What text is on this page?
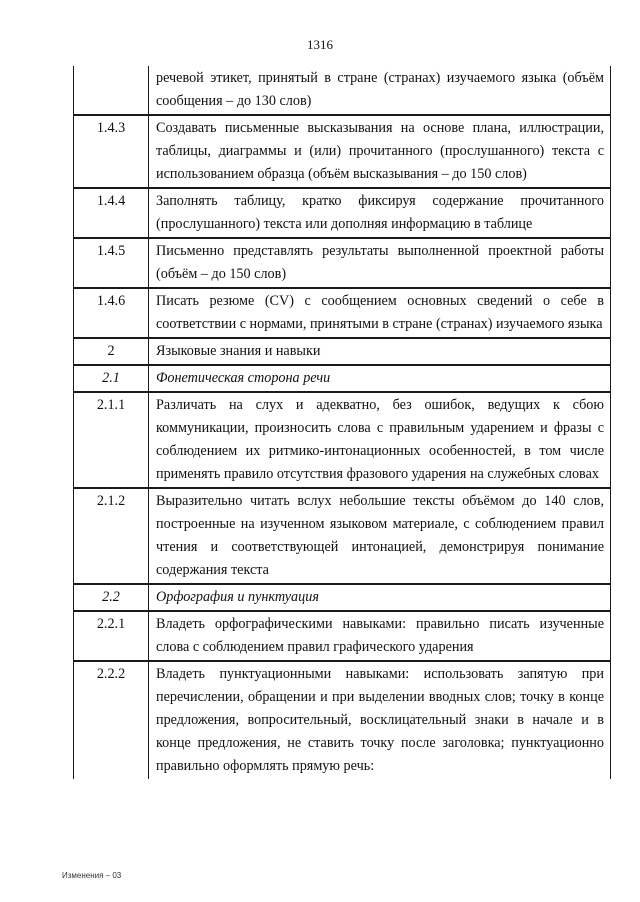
1316
	речевой этикет, принятый в стране (странах) изучаемого языка (объём сообщения – до 130 слов)
1.4.3	Создавать письменные высказывания на основе плана, иллюстрации, таблицы, диаграммы и (или) прочитанного (прослушанного) текста с использованием образца (объём высказывания – до 150 слов)
1.4.4	Заполнять таблицу, кратко фиксируя содержание прочитанного (прослушанного) текста или дополняя информацию в таблице
1.4.5	Письменно представлять результаты выполненной проектной работы (объём – до 150 слов)
1.4.6	Писать резюме (CV) с сообщением основных сведений о себе в соответствии с нормами, принятыми в стране (странах) изучаемого языка
2	Языковые знания и навыки
2.1	Фонетическая сторона речи
2.1.1	Различать на слух и адекватно, без ошибок, ведущих к сбою коммуникации, произносить слова с правильным ударением и фразы с соблюдением их ритмико-интонационных особенностей, в том числе применять правило отсутствия фразового ударения на служебных словах
2.1.2	Выразительно читать вслух небольшие тексты объёмом до 140 слов, построенные на изученном языковом материале, с соблюдением правил чтения и соответствующей интонацией, демонстрируя понимание содержания текста
2.2	Орфография и пунктуация
2.2.1	Владеть орфографическими навыками: правильно писать изученные слова с соблюдением правил графического ударения
2.2.2	Владеть пунктуационными навыками: использовать запятую при перечислении, обращении и при выделении вводных слов; точку в конце предложения, вопросительный, восклицательный знаки в начале и в конце предложения, не ставить точку после заголовка; пунктуационно правильно оформлять прямую речь:
Изменения – 03
